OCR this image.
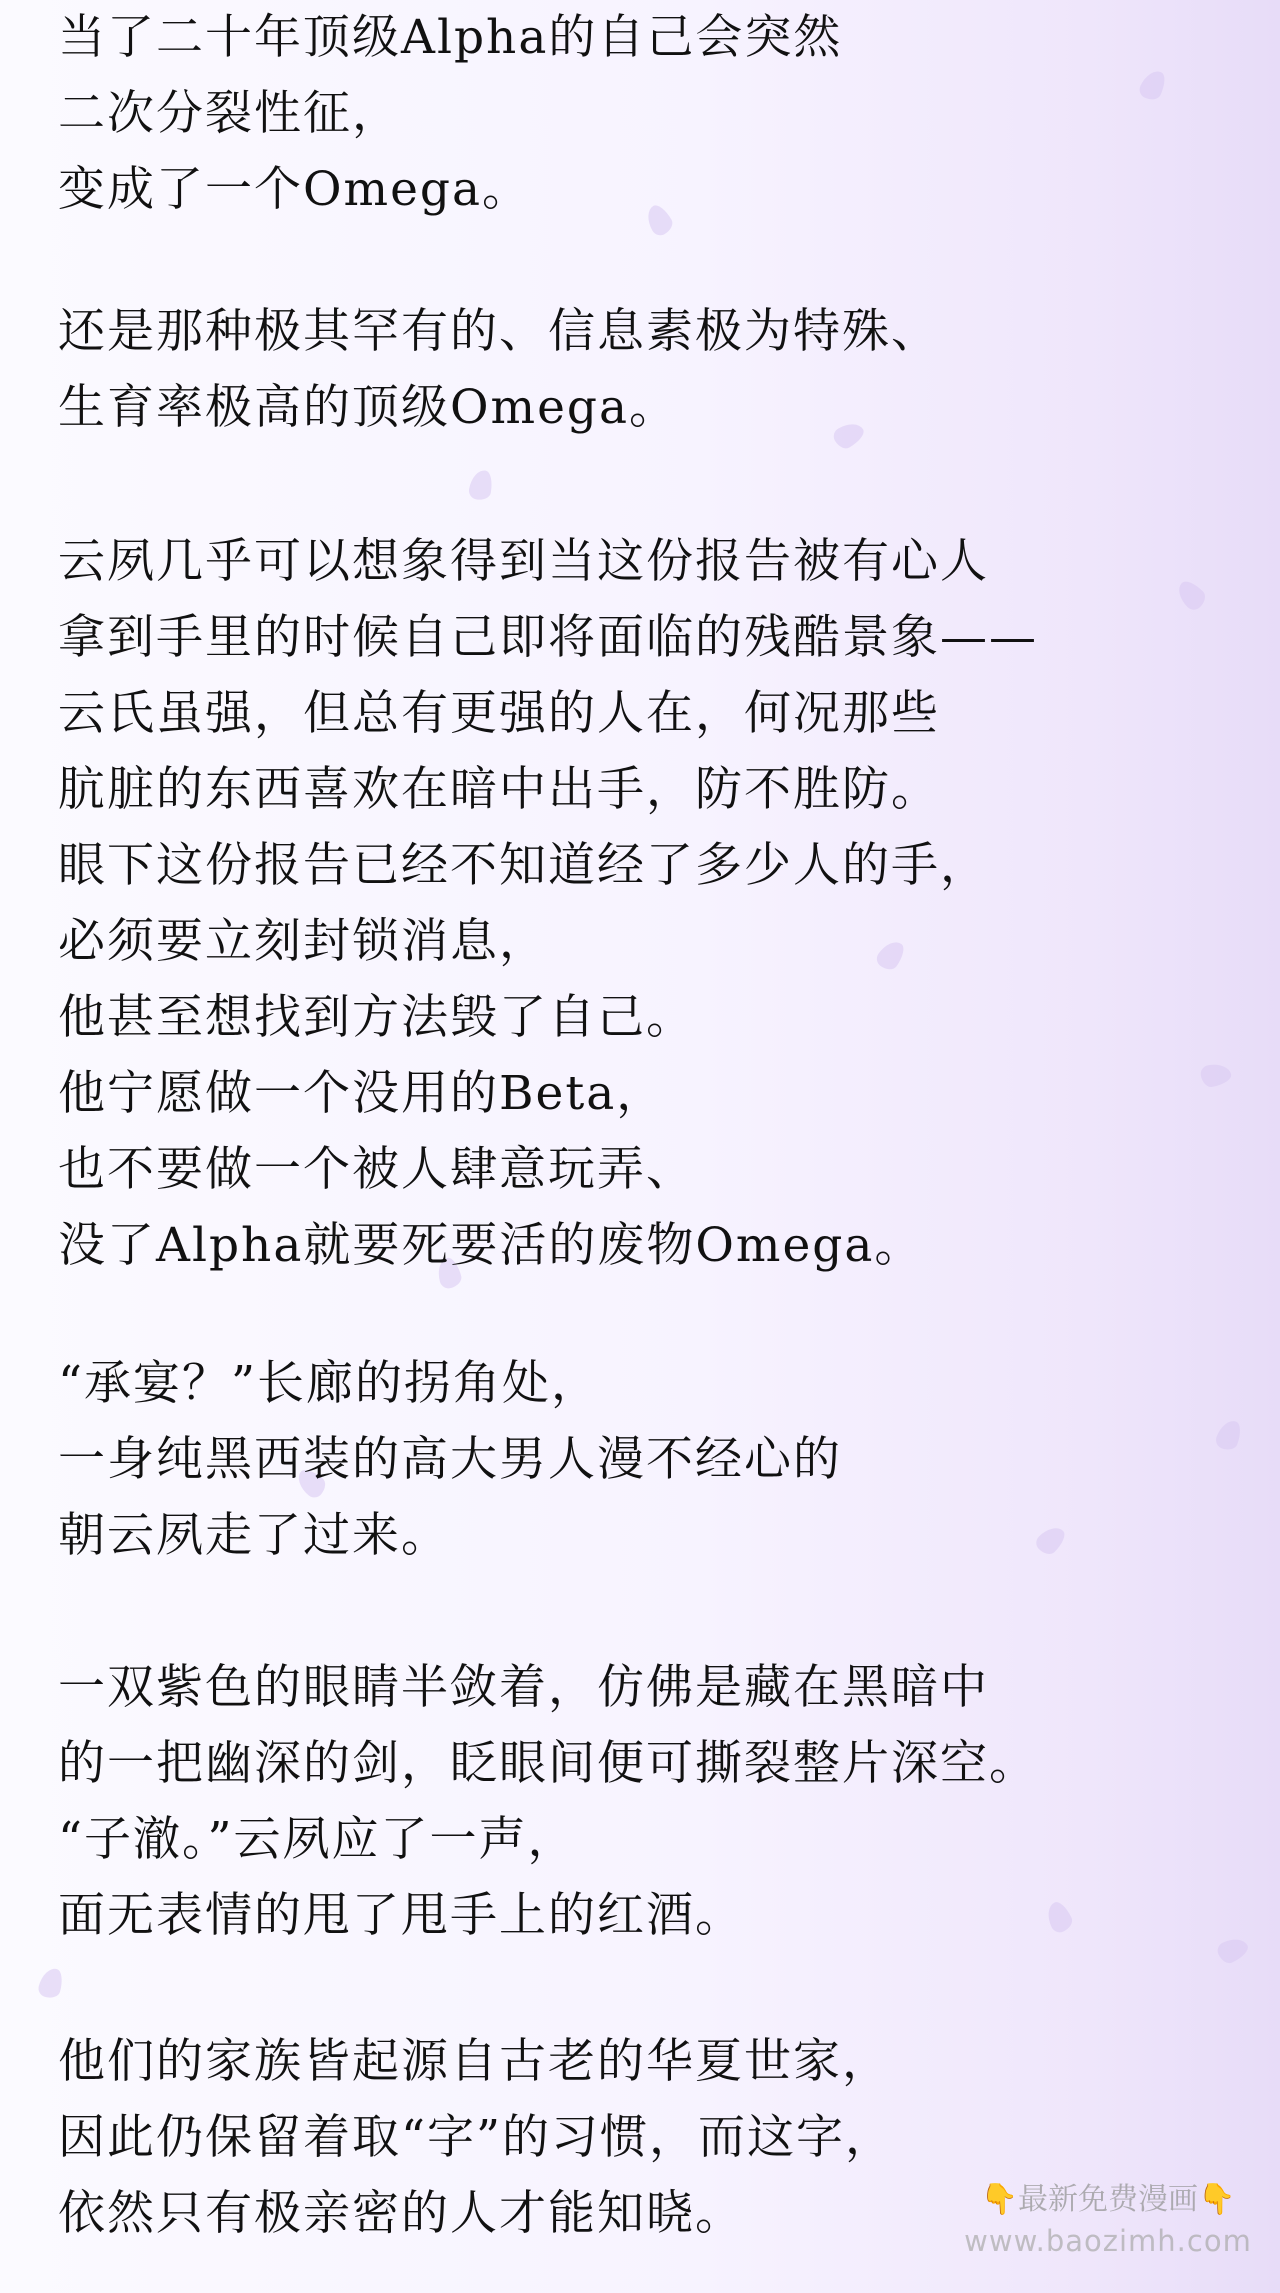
当了二十年顶级Alpha的自己会突然
二次分裂性征，
变成了一个Omega。
还是那种极其罕有的、信息素极为特殊、
生育率极高的顶级Omega。
云夙几乎可以想象得到当这份报告被有心人
拿到手里的时候自己即将面临的残酷景象——
云氏虽强，但总有更强的人在，何况那些
肮脏的东西喜欢在暗中出手，防不胜防。
眼下这份报告已经不知道经了多少人的手，
必须要立刻封锁消息，
他甚至想找到方法毁了自己。
他宁愿做一个没用的Beta，
也不要做一个被人肆意玩弄、
没了Alpha就要死要活的废物Omega。
“承宴？”长廊的拐角处，
一身纯黑西装的高大男人漫不经心的
朝云夙走了过来。
一双紫色的眼睛半敛着，仿佛是藏在黑暗中
的一把幽深的剑，眨眼间便可撕裂整片深空。
“子澈。”云夙应了一声，
面无表情的甩了甩手上的红酒。
他们的家族皆起源自古老的华夏世家，
因此仍保留着取“字”的习惯，而这字，
依然只有极亲密的人才能知晓。	👇最新免费漫画👇
www.baozimh.com
